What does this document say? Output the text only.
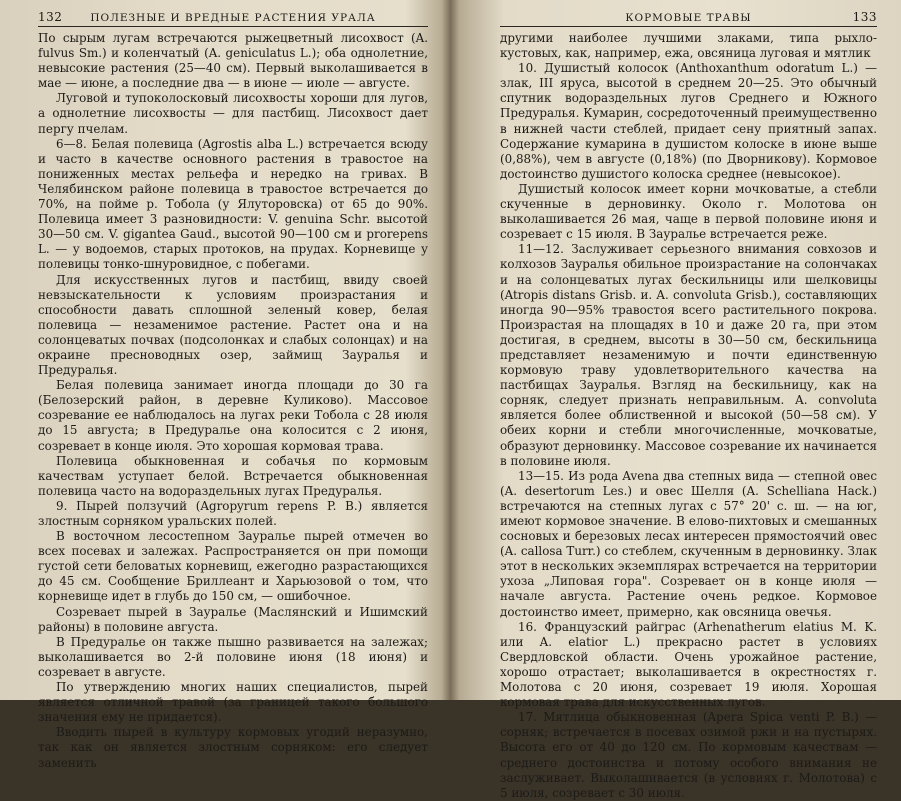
132	ПОЛЕЗНЫЕ И ВРЕДНЫЕ РАСТЕНИЯ УРАЛА

По сырым лугам встречаются рыжецветный лисохвост (A. fulvus Sm.) и коленчатый (A. geniculatus L.); оба однолетние, невысокие растения (25—40 см). Первый выколашивается в мае — июне, а последние два — в июне — июле — августе.

Луговой и тупоколосковый лисохвосты хороши для лугов, а однолетние лисохвосты — для пастбищ. Лисохвост дает пергу пчелам.

6—8. Белая полевица (Agrostis alba L.) встречается всюду и часто в качестве основного растения в травостое на пониженных местах рельефа и нередко на гривах. В Челябинском районе полевица в травостое встречается до 70%, на пойме р. Тобола (у Ялуторовска) от 65 до 90%. Полевица имеет 3 разновидности: V. genuina Schr. высотой 30—50 см. V. gigantea Gaud., высотой 90—100 см и prorepens L. — у водоемов, старых протоков, на прудах. Корневище у полевицы тонко-шнуровидное, с побегами.

Для искусственных лугов и пастбищ, ввиду своей невзыскательности к условиям произрастания и способности давать сплошной зеленый ковер, белая полевица — незаменимое растение. Растет она и на солонцеватых почвах (подсолонках и слабых солонцах) и на окраине пресноводных озер, займищ Зауралья и Предуралья.

Белая полевица занимает иногда площади до 30 га (Белозерский район, в деревне Куликово). Массовое созревание ее наблюдалось на лугах реки Тобола с 28 июля до 15 августа; в Предуралье она колосится с 2 июня, созревает в конце июля. Это хорошая кормовая трава.

Полевица обыкновенная и собачья по кормовым качествам уступает белой. Встречается обыкновенная полевица часто на водораздельных лугах Предуралья.

9. Пырей ползучий (Agropyrum repens P. B.) является злостным сорняком уральских полей.

В восточном лесостепном Зауралье пырей отмечен во всех посевах и залежах. Распространяется он при помощи густой сети беловатых корневищ, ежегодно разрастающихся до 45 см. Сообщение Бриллеант и Харьюзовой о том, что корневище идет в глубь до 150 см, — ошибочное.

Созревает пырей в Зауралье (Маслянский и Ишимский районы) в половине августа.

В Предуралье он также пышно развивается на залежах; выколашивается во 2-й половине июня (18 июня) и созревает в августе.

По утверждению многих наших специалистов, пырей является отличной травой (за границей такого большого значения ему не придается).

Вводить пырей в культуру кормовых угодий неразумно, так как он является злостным сорняком: его следует заменить

КОРМОВЫЕ ТРАВЫ	133

другими наиболее лучшими злаками, типа рыхло-кустовых, как, например, ежа, овсяница луговая и мятлик

10. Душистый колосок (Anthoxanthum odoratum L.) — злак, III яруса, высотой в среднем 20—25. Это обычный спутник водораздельных лугов Среднего и Южного Предуралья. Кумарин, сосредоточенный преимущественно в нижней части стеблей, придает сену приятный запах. Содержание кумарина в душистом колоске в июне выше (0,88%), чем в августе (0,18%) (по Дворникову). Кормовое достоинство душистого колоска среднее (невысокое).

Душистый колосок имеет корни мочковатые, а стебли скученные в дерновинку. Около г. Молотова он выколашивается 26 мая, чаще в первой половине июня и созревает с 15 июля. В Зауралье встречается реже.

11—12. Заслуживает серьезного внимания совхозов и колхозов Зауралья обильное произрастание на солончаках и на солонцеватых лугах бескильницы или шелковицы (Atropis distans Grisb. и. A. convoluta Grisb.), составляющих иногда 90—95% травостоя всего растительного покрова. Произрастая на площадях в 10 и даже 20 га, при этом достигая, в среднем, высоты в 30—50 см, бескильница представляет незаменимую и почти единственную кормовую траву удовлетворительного качества на пастбищах Зауралья. Взгляд на бескильницу, как на сорняк, следует признать неправильным. A. convoluta является более облиственной и высокой (50—58 см). У обеих корни и стебли многочисленные, мочковатые, образуют дерновинку. Массовое созревание их начинается в половине июля.

13—15. Из рода Avena два степных вида — степной овес (A. desertorum Les.) и овес Шелля (A. Schelliana Hack.) встречаются на степных лугах с 57° 20' с. ш. — на юг, имеют кормовое значение. В елово-пихтовых и смешанных сосновых и березовых лесах интересен прямостоячий овес (A. callosa Turr.) со стеблем, скученным в дерновинку. Злак этот в нескольких экземплярах встречается на территории ухоза „Липовая гора". Созревает он в конце июля — начале августа. Растение очень редкое. Кормовое достоинство имеет, примерно, как овсяница овечья.

16. Французский райграс (Arhenatherum elatius M. K. или A. elatior L.) прекрасно растет в условиях Свердловской области. Очень урожайное растение, хорошо отрастает; выколашивается в окрестностях г. Молотова с 20 июня, созревает 19 июля. Хорошая кормовая трава для искусственных лугов.

17. Мятлица обыкновенная (Apera Spica venti P. B.) — сорняк; встречается в посевах озимой ржи и на пустырях. Высота его от 40 до 120 см. По кормовым качествам — среднего достоинства и потому особого внимания не заслуживает. Выколашивается (в условиях г. Молотова) с 5 июля, созревает с 30 июля.
